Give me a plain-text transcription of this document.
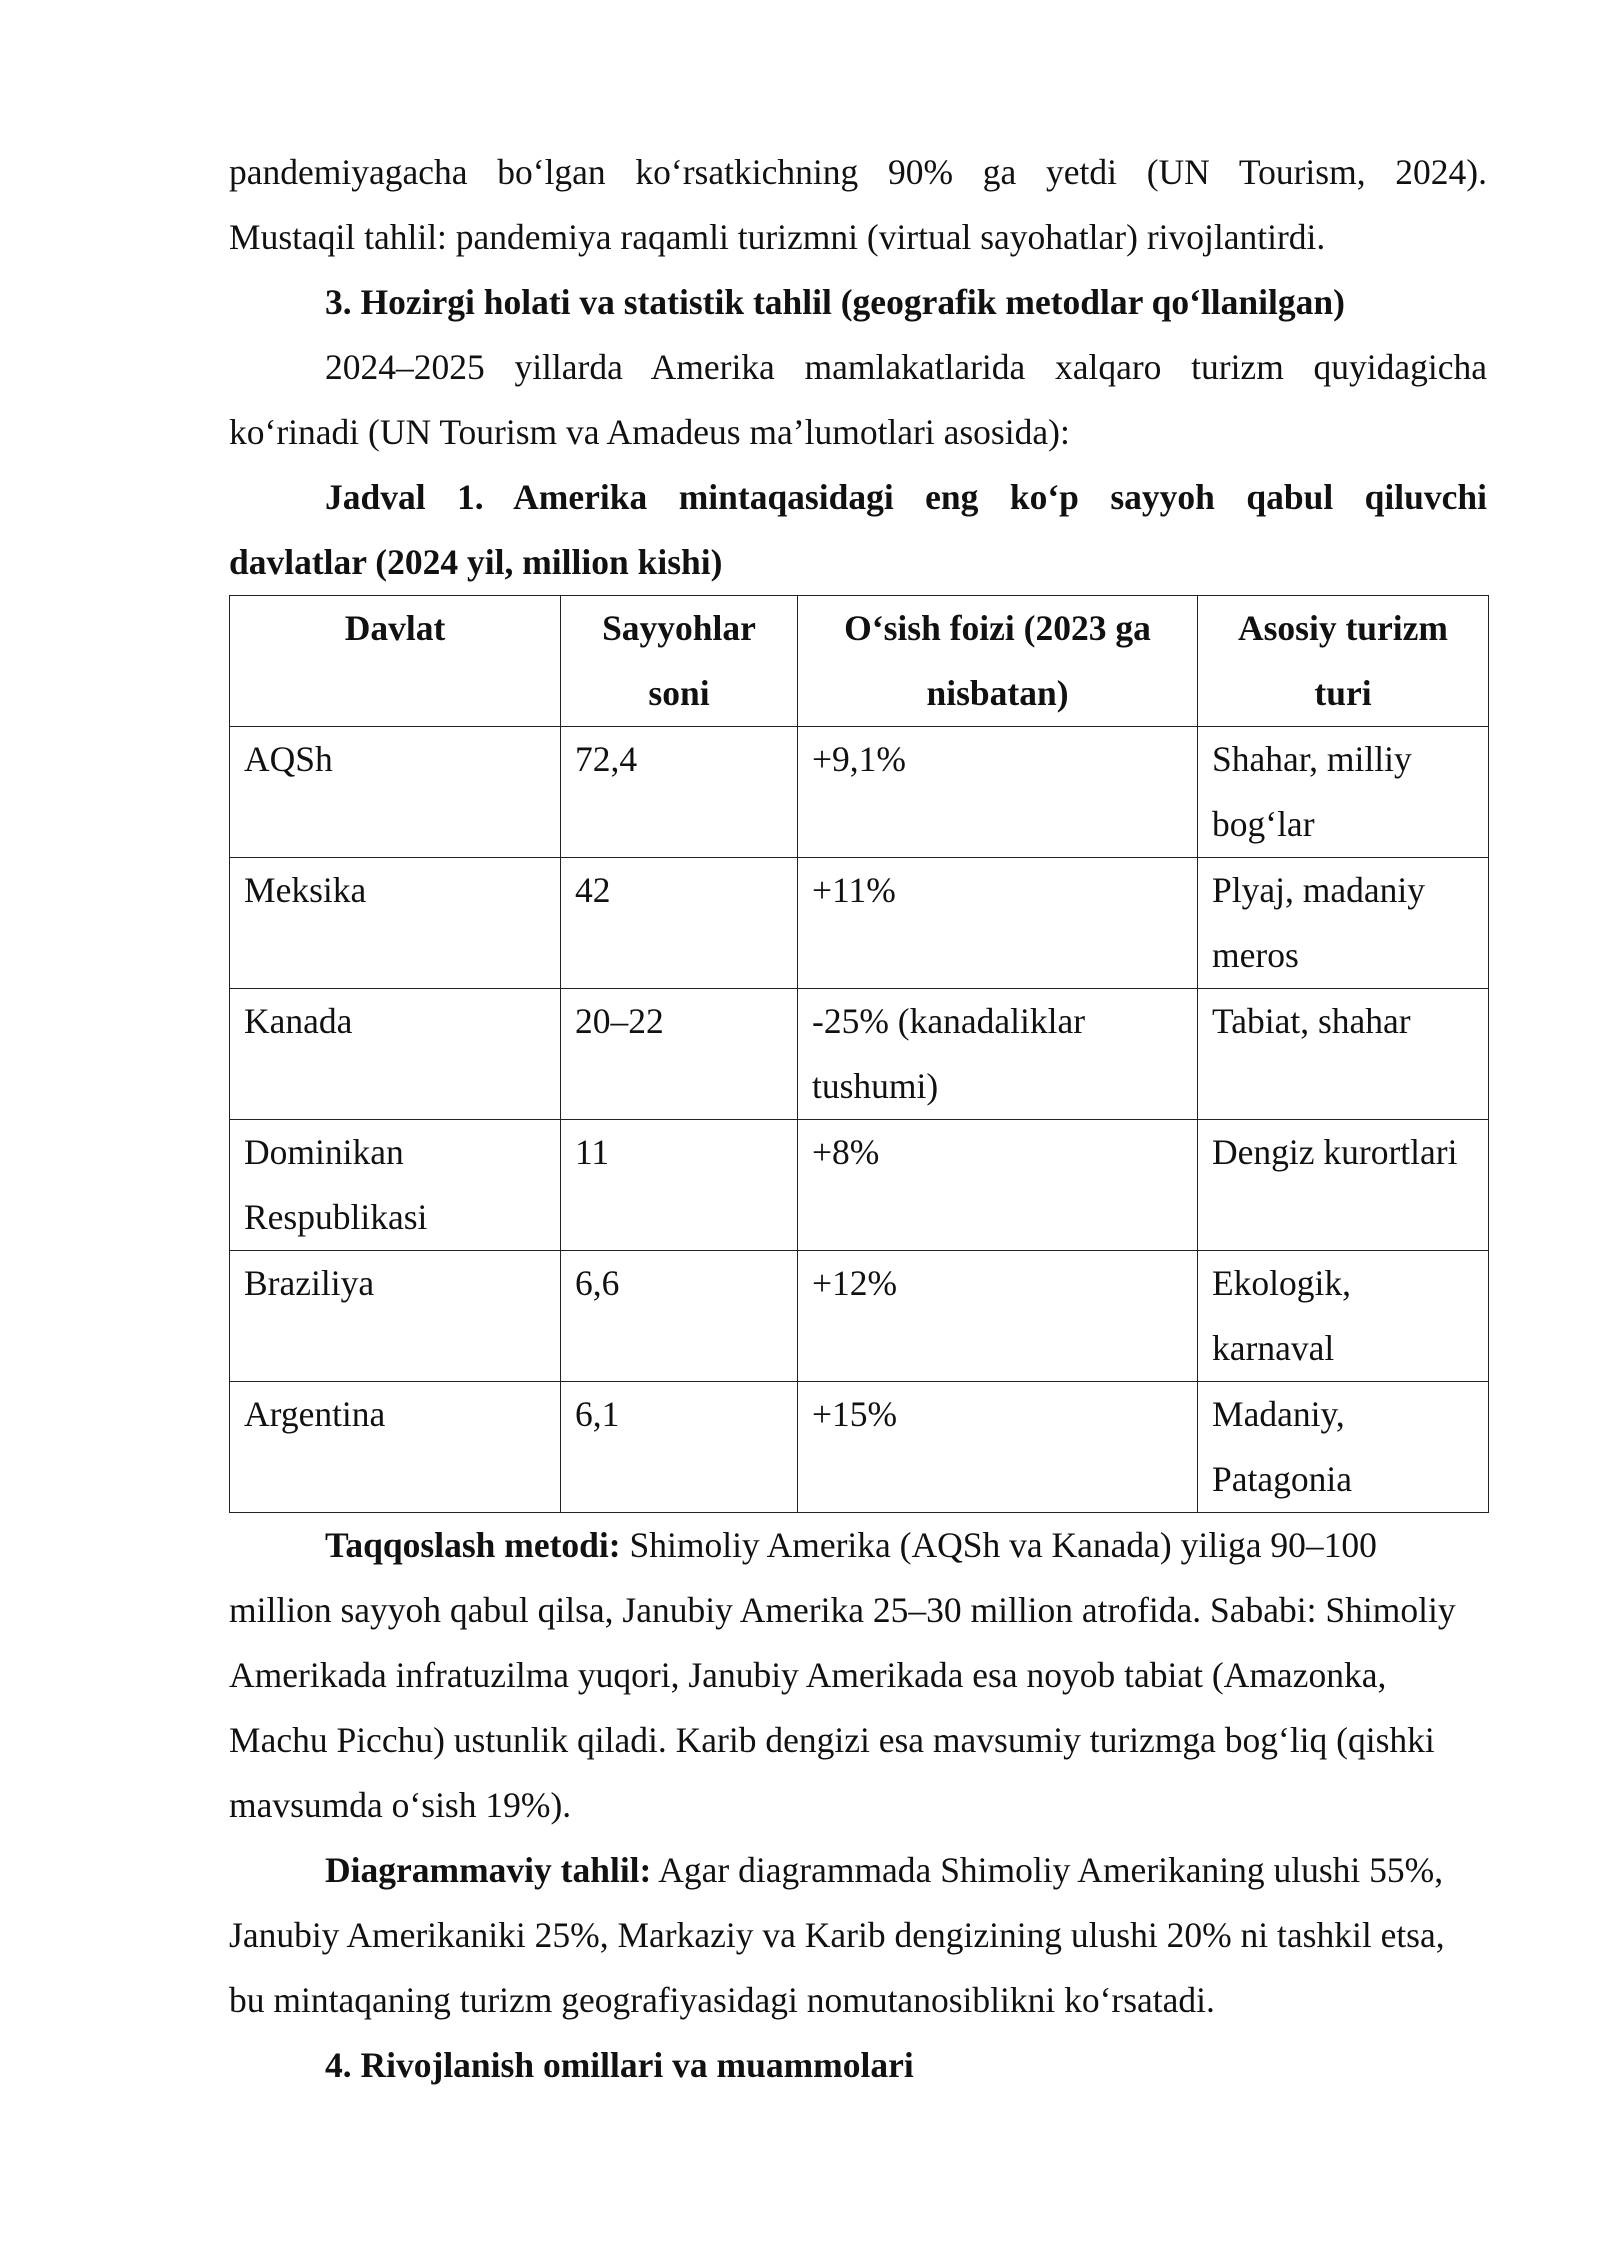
pandemiyagacha bo‘lgan ko‘rsatkichning 90% ga yetdi (UN Tourism, 2024).

Mustaqil tahlil: pandemiya raqamli turizmni (virtual sayohatlar) rivojlantirdi.

3. Hozirgi holati va statistik tahlil (geografik metodlar qo‘llanilgan)

2024–2025 yillarda Amerika mamlakatlarida xalqaro turizm quyidagicha ko‘rinadi (UN Tourism va Amadeus ma’lumotlari asosida):

Jadval 1. Amerika mintaqasidagi eng ko‘p sayyoh qabul qiluvchi

davlatlar (2024 yil, million kishi)

Davlat	Sayyohlar soni	O‘sish foizi (2023 ga nisbatan)	Asosiy turizm turi
AQSh	72,4	+9,1%	Shahar, milliy bog‘lar
Meksika	42	+11%	Plyaj, madaniy meros
Kanada	20–22	-25% (kanadaliklar tushumi)	Tabiat, shahar
Dominikan Respublikasi	11	+8%	Dengiz kurortlari
Braziliya	6,6	+12%	Ekologik, karnaval
Argentina	6,1	+15%	Madaniy, Patagonia

Taqqoslash metodi: Shimoliy Amerika (AQSh va Kanada) yiliga 90–100 million sayyoh qabul qilsa, Janubiy Amerika 25–30 million atrofida. Sababi: Shimoliy Amerikada infratuzilma yuqori, Janubiy Amerikada esa noyob tabiat (Amazonka, Machu Picchu) ustunlik qiladi. Karib dengizi esa mavsumiy turizmga bog‘liq (qishki mavsumda o‘sish 19%).

Diagrammaviy tahlil: Agar diagrammada Shimoliy Amerikaning ulushi 55%, Janubiy Amerikaniki 25%, Markaziy va Karib dengizining ulushi 20% ni tashkil etsa, bu mintaqaning turizm geografiyasidagi nomutanosiblikni ko‘rsatadi.

4. Rivojlanish omillari va muammolari
